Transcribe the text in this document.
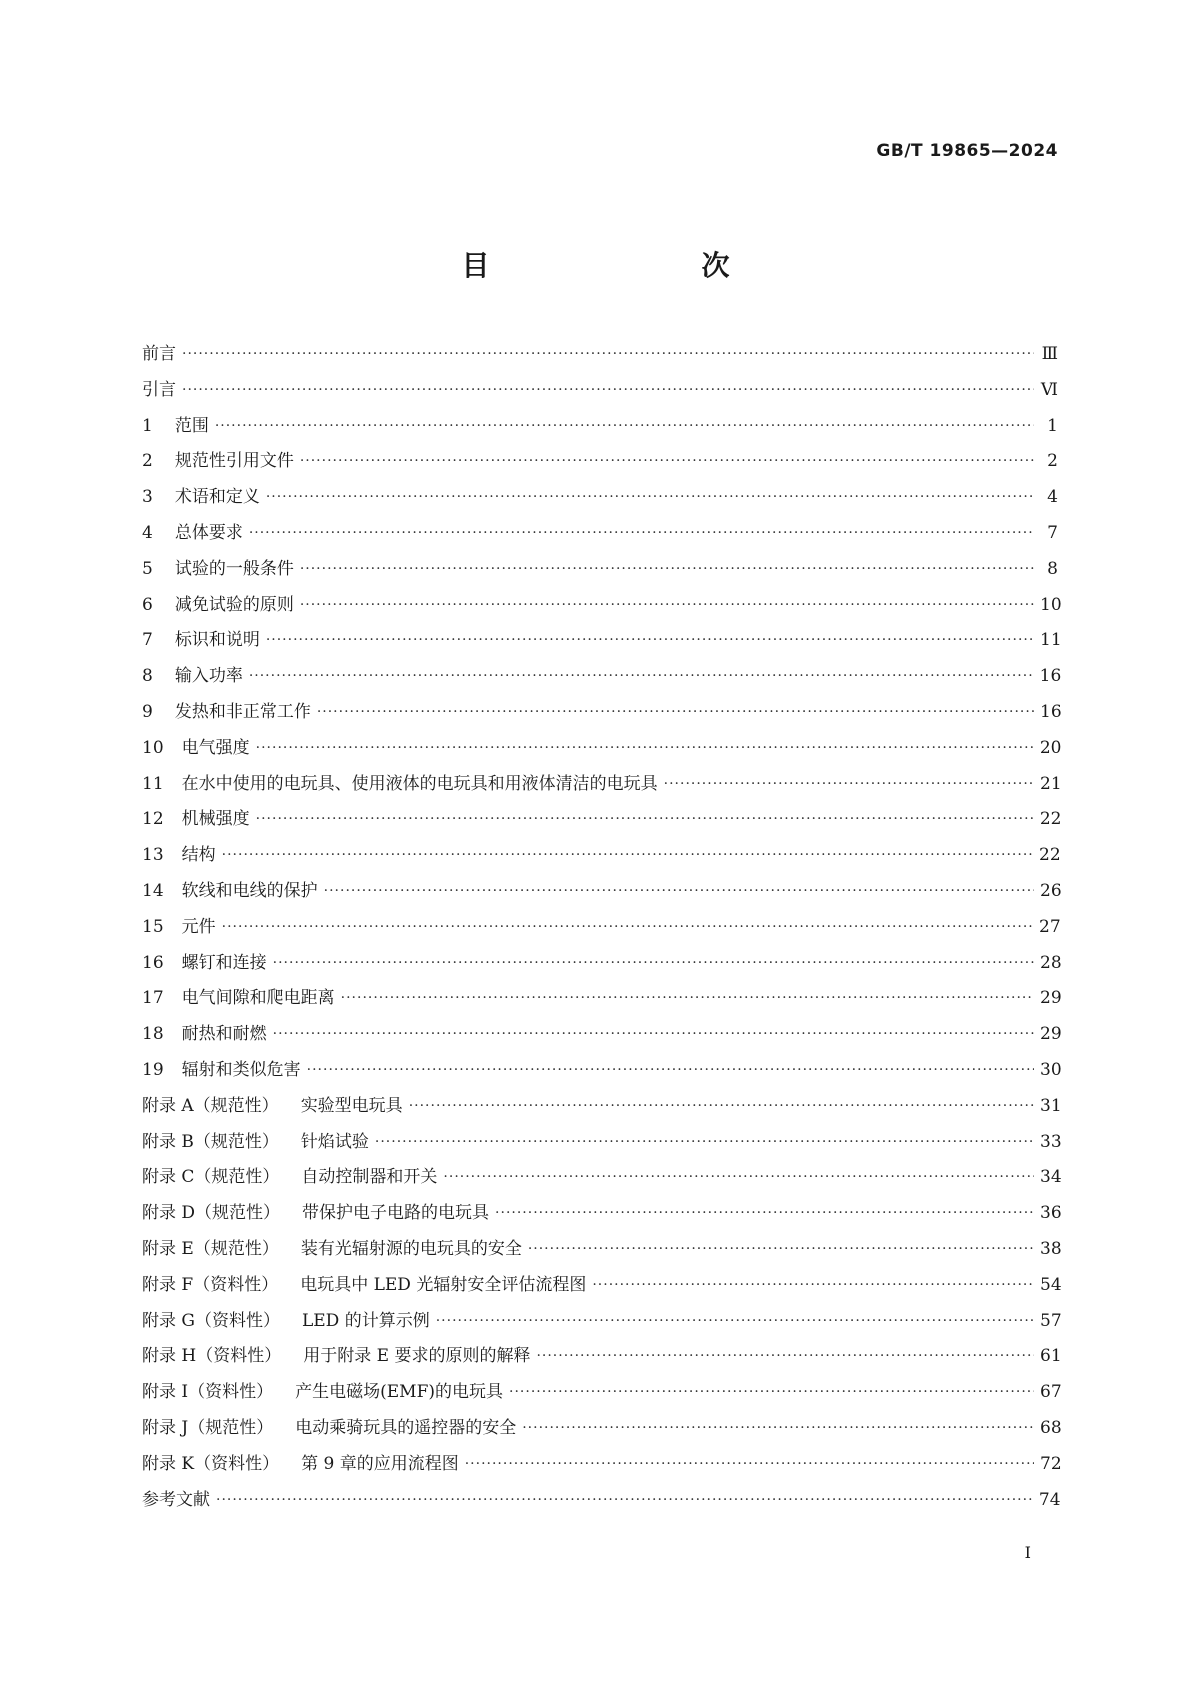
GB/T 19865—2024
目　　次
前言 ·····	Ⅲ
引言 ·····	Ⅵ
1 范围 ·····	1
2 规范性引用文件 ·····	2
3 术语和定义 ·····	4
4 总体要求 ·····	7
5 试验的一般条件 ·····	8
6 减免试验的原则 ·····	10
7 标识和说明 ·····	11
8 输入功率 ·····	16
9 发热和非正常工作 ·····	16
10 电气强度 ·····	20
11 在水中使用的电玩具、使用液体的电玩具和用液体清洁的电玩具 ·····	21
12 机械强度 ·····	22
13 结构 ·····	22
14 软线和电线的保护 ·····	26
15 元件 ·····	27
16 螺钉和连接 ·····	28
17 电气间隙和爬电距离 ·····	29
18 耐热和耐燃 ·····	29
19 辐射和类似危害 ·····	30
附录 A（规范性） 实验型电玩具 ·····	31
附录 B（规范性） 针焰试验 ·····	33
附录 C（规范性） 自动控制器和开关 ·····	34
附录 D（规范性） 带保护电子电路的电玩具 ·····	36
附录 E（规范性） 装有光辐射源的电玩具的安全 ·····	38
附录 F（资料性） 电玩具中 LED 光辐射安全评估流程图 ·····	54
附录 G（资料性） LED 的计算示例 ·····	57
附录 H（资料性） 用于附录 E 要求的原则的解释 ·····	61
附录 I（资料性） 产生电磁场(EMF)的电玩具 ·····	67
附录 J（规范性） 电动乘骑玩具的遥控器的安全 ·····	68
附录 K（资料性） 第 9 章的应用流程图 ·····	72
参考文献 ·····	74
I
